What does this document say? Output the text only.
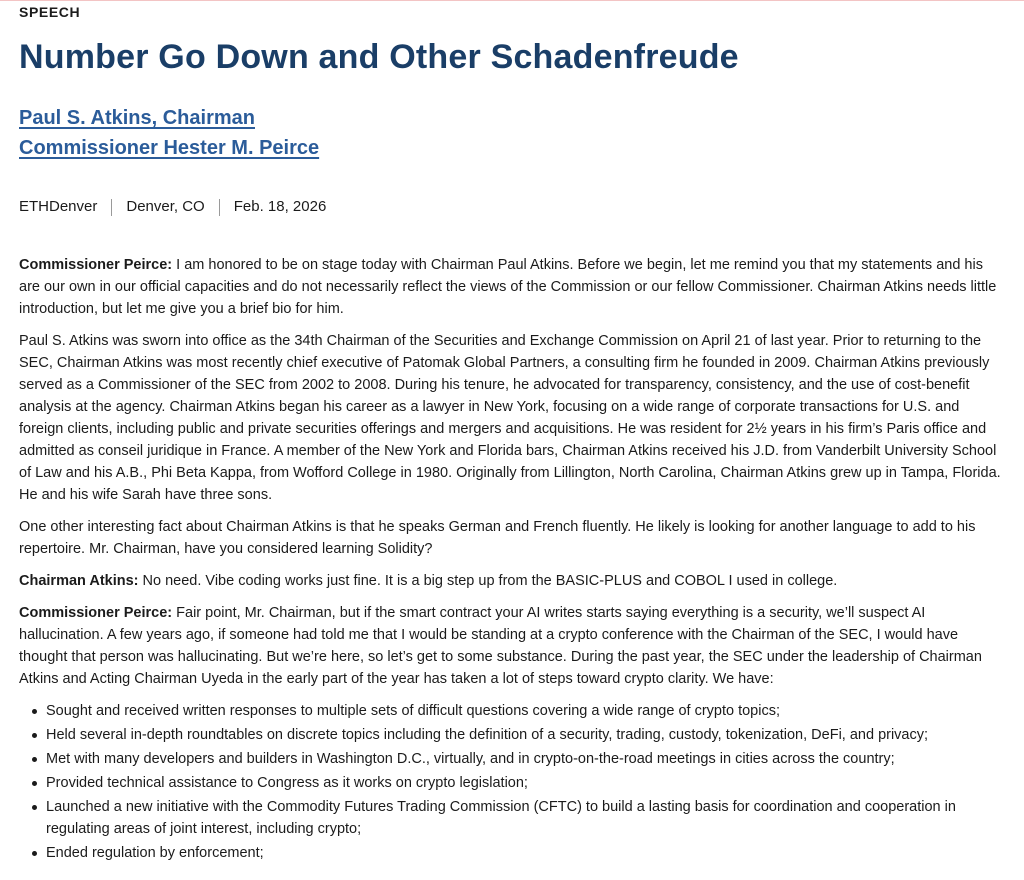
SPEECH
Number Go Down and Other Schadenfreude
Paul S. Atkins, Chairman
Commissioner Hester M. Peirce
ETHDenver Denver, CO Feb. 18, 2026

Commissioner Peirce: I am honored to be on stage today with Chairman Paul Atkins. Before we begin, let me remind you that my statements and his are our own in our official capacities and do not necessarily reflect the views of the Commission or our fellow Commissioner. Chairman Atkins needs little introduction, but let me give you a brief bio for him.

Paul S. Atkins was sworn into office as the 34th Chairman of the Securities and Exchange Commission on April 21 of last year. Prior to returning to the SEC, Chairman Atkins was most recently chief executive of Patomak Global Partners, a consulting firm he founded in 2009. Chairman Atkins previously served as a Commissioner of the SEC from 2002 to 2008. During his tenure, he advocated for transparency, consistency, and the use of cost-benefit analysis at the agency. Chairman Atkins began his career as a lawyer in New York, focusing on a wide range of corporate transactions for U.S. and foreign clients, including public and private securities offerings and mergers and acquisitions. He was resident for 2½ years in his firm’s Paris office and admitted as conseil juridique in France. A member of the New York and Florida bars, Chairman Atkins received his J.D. from Vanderbilt University School of Law and his A.B., Phi Beta Kappa, from Wofford College in 1980. Originally from Lillington, North Carolina, Chairman Atkins grew up in Tampa, Florida. He and his wife Sarah have three sons.

One other interesting fact about Chairman Atkins is that he speaks German and French fluently. He likely is looking for another language to add to his repertoire. Mr. Chairman, have you considered learning Solidity?

Chairman Atkins: No need. Vibe coding works just fine. It is a big step up from the BASIC-PLUS and COBOL I used in college.

Commissioner Peirce: Fair point, Mr. Chairman, but if the smart contract your AI writes starts saying everything is a security, we’ll suspect AI hallucination. A few years ago, if someone had told me that I would be standing at a crypto conference with the Chairman of the SEC, I would have thought that person was hallucinating. But we’re here, so let’s get to some substance. During the past year, the SEC under the leadership of Chairman Atkins and Acting Chairman Uyeda in the early part of the year has taken a lot of steps toward crypto clarity. We have:

Sought and received written responses to multiple sets of difficult questions covering a wide range of crypto topics;
Held several in-depth roundtables on discrete topics including the definition of a security, trading, custody, tokenization, DeFi, and privacy;
Met with many developers and builders in Washington D.C., virtually, and in crypto-on-the-road meetings in cities across the country;
Provided technical assistance to Congress as it works on crypto legislation;
Launched a new initiative with the Commodity Futures Trading Commission (CFTC) to build a lasting basis for coordination and cooperation in regulating areas of joint interest, including crypto;
Ended regulation by enforcement;
